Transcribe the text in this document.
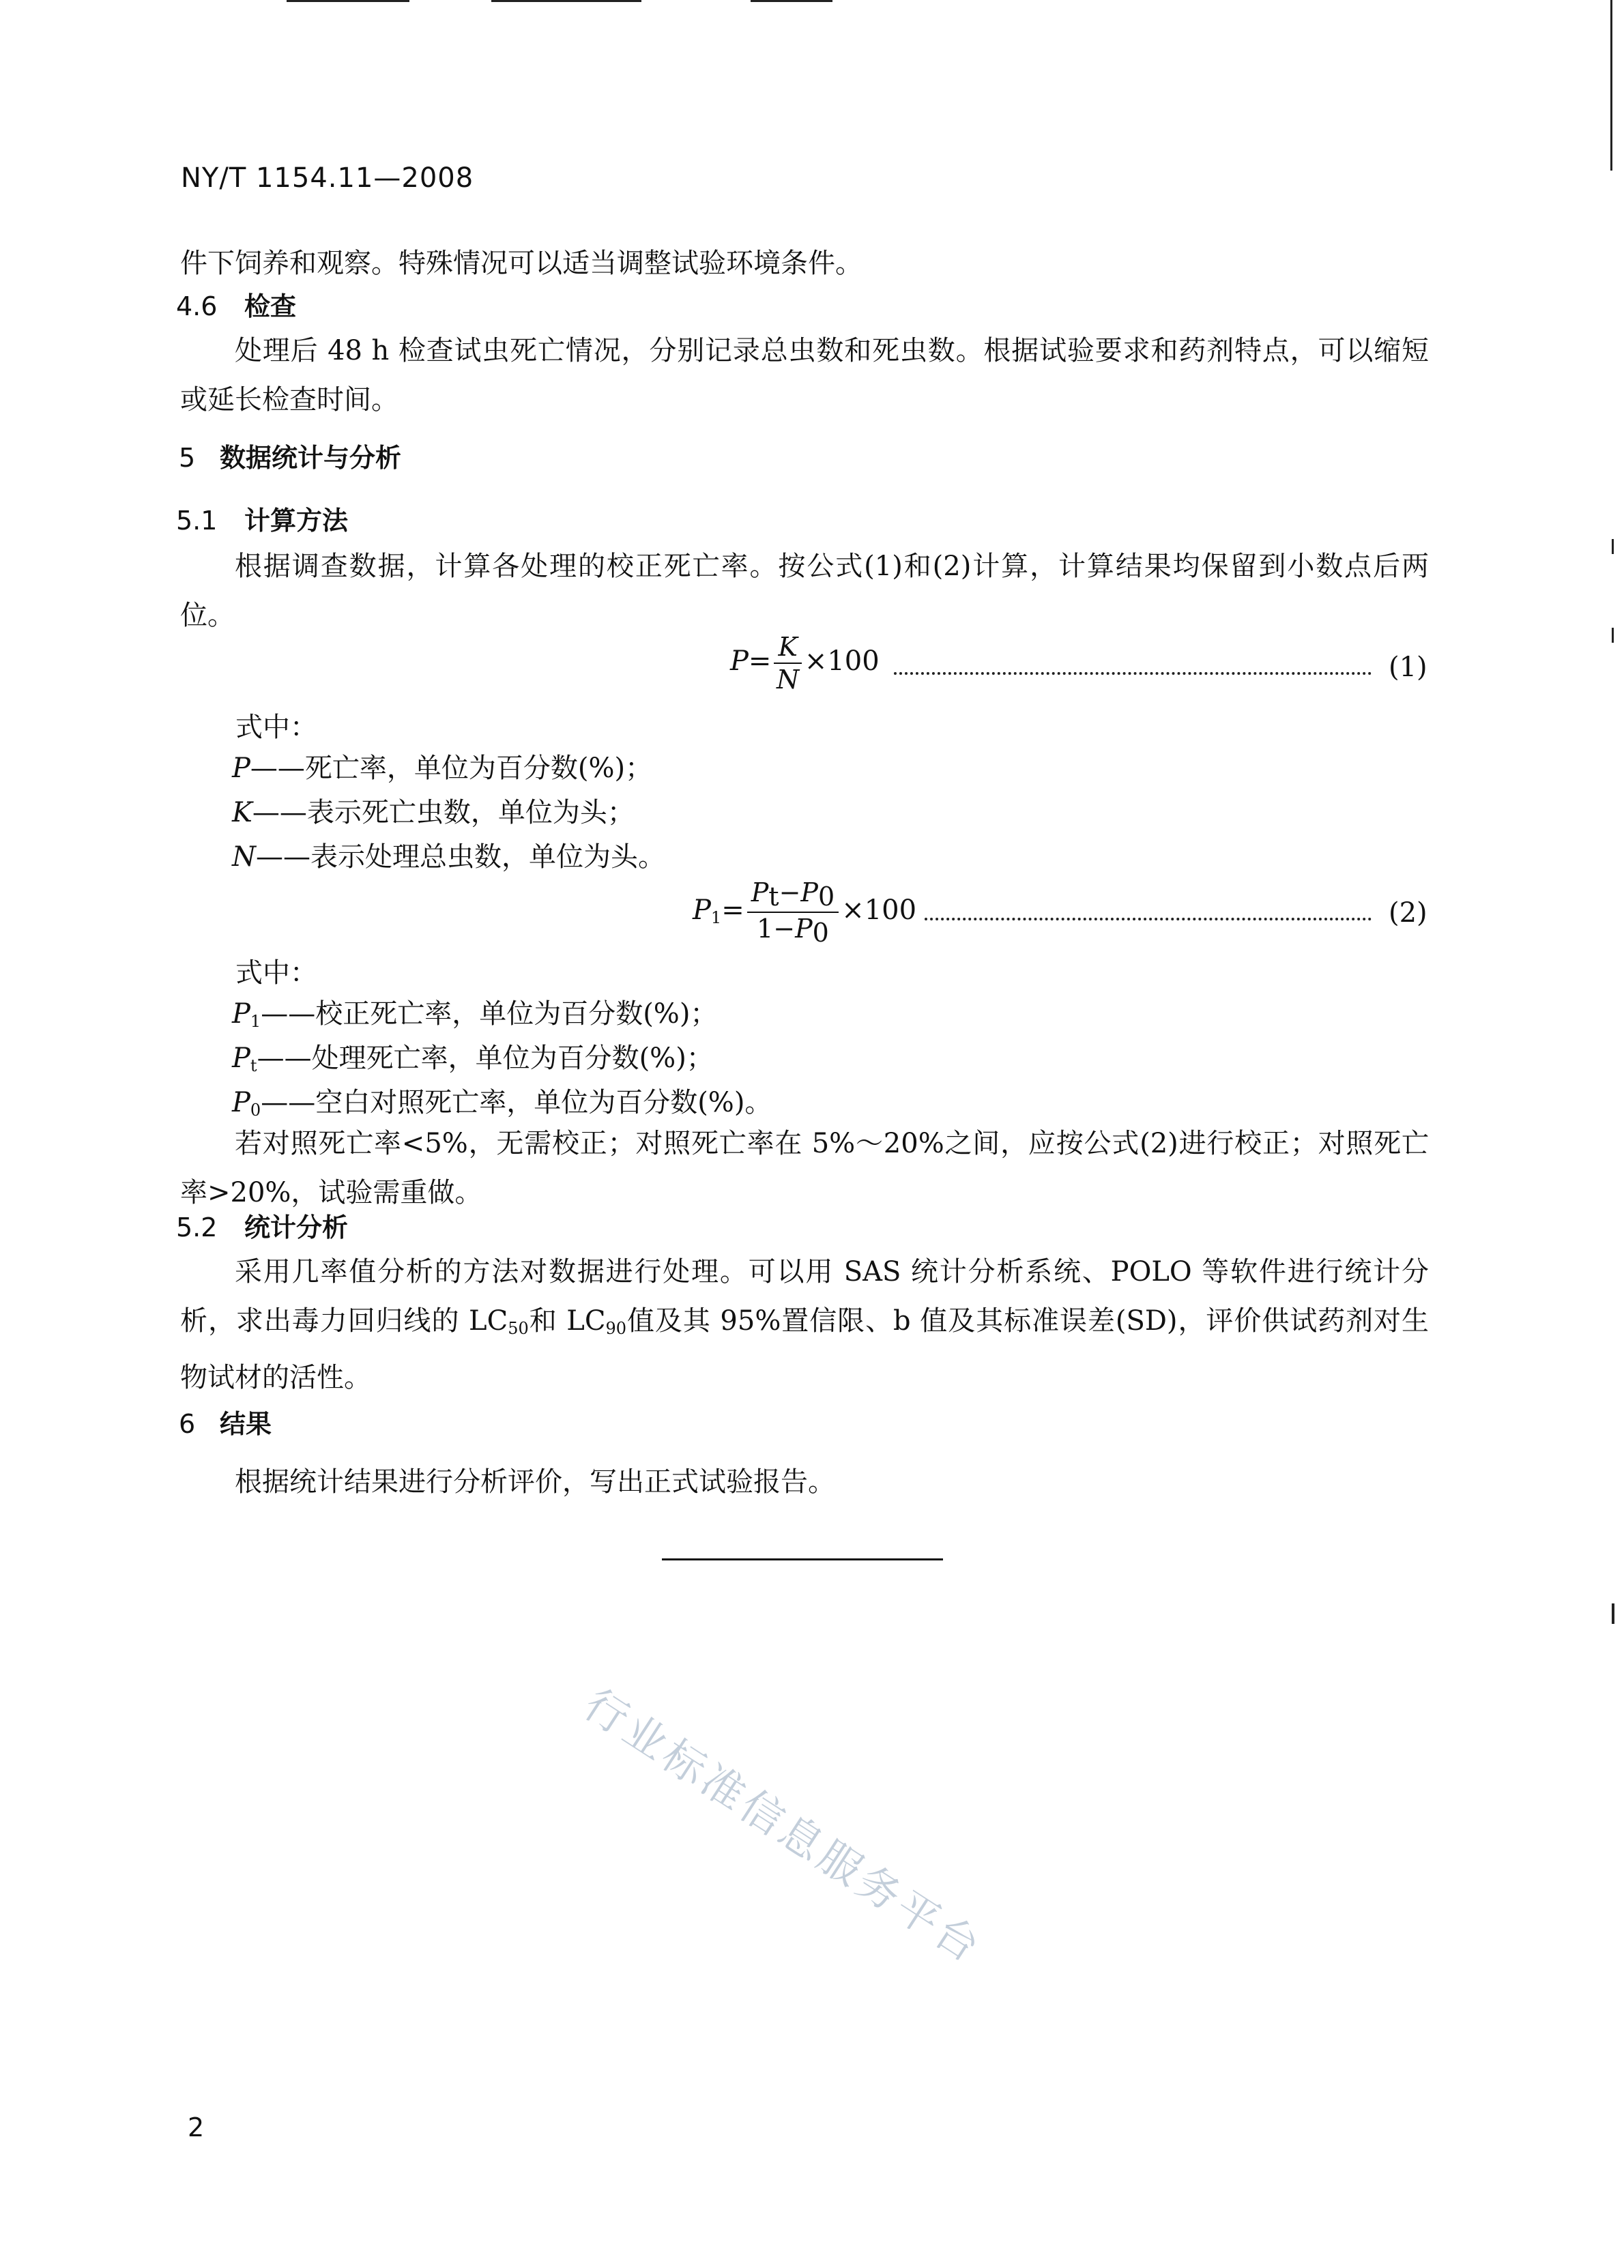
NY/T 1154.11—2008
件下饲养和观察。特殊情况可以适当调整试验环境条件。
4.6 检查
处理后 48 h 检查试虫死亡情况，分别记录总虫数和死虫数。根据试验要求和药剂特点，可以缩短或延长检查时间。
5 数据统计与分析
5.1 计算方法
根据调查数据，计算各处理的校正死亡率。按公式(1)和(2)计算，计算结果均保留到小数点后两位。
$P= \frac{K}{N} \times 100$	(1)
式中：
P——死亡率，单位为百分数(%)；
K——表示死亡虫数，单位为头；
N——表示处理总虫数，单位为头。
$P_1= \frac{Pt-P0}{1-P0} \times 100$	(2)
式中：
$P_1——$校正死亡率，单位为百分数(%)；
$P_t——$处理死亡率，单位为百分数(%)；
$P_0——$空白对照死亡率，单位为百分数(%)。
若对照死亡率<5%，无需校正；对照死亡率在 5%～20%之间，应按公式(2)进行校正；对照死亡率>20%，试验需重做。
5.2 统计分析
采用几率值分析的方法对数据进行处理。可以用 SAS 统计分析系统、POLO 等软件进行统计分析，求出毒力回归线的 $LC_{50}$和 $LC_{90}$值及其 95%置信限、b 值及其标准误差(SD)，评价供试药剂对生物试材的活性。
6 结果
根据统计结果进行分析评价，写出正式试验报告。
行业标准信息服务平台
2
